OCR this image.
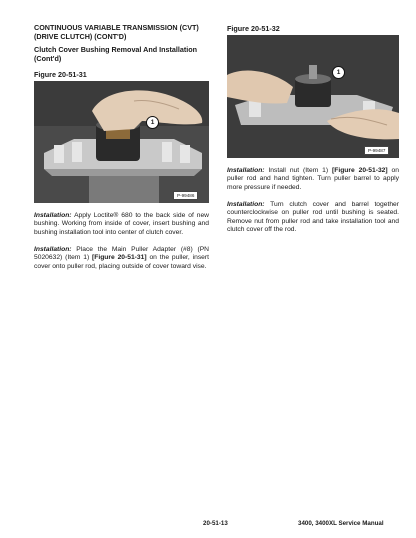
CONTINUOUS VARIABLE TRANSMISSION (CVT) (DRIVE CLUTCH) (CONT'D)
Clutch Cover Bushing Removal And Installation (Cont'd)
Figure 20-51-31
1
P-99486
Installation: Apply Loctite® 680 to the back side of new bushing. Working from inside of cover, insert bushing and bushing installation tool into center of clutch cover.
Installation: Place the Main Puller Adapter (#8) (PN 5020632) (Item 1) [Figure 20-51-31] on the puller, insert cover onto puller rod, placing outside of cover toward vise.
Figure 20-51-32
1
P-99487
Installation: Install nut (Item 1) [Figure 20-51-32] on puller rod and hand tighten. Turn puller barrel to apply more pressure if needed.
Installation: Turn clutch cover and barrel together counterclockwise on puller rod until bushing is seated. Remove nut from puller rod and take installation tool and clutch cover off the rod.
20-51-13	3400, 3400XL Service Manual
